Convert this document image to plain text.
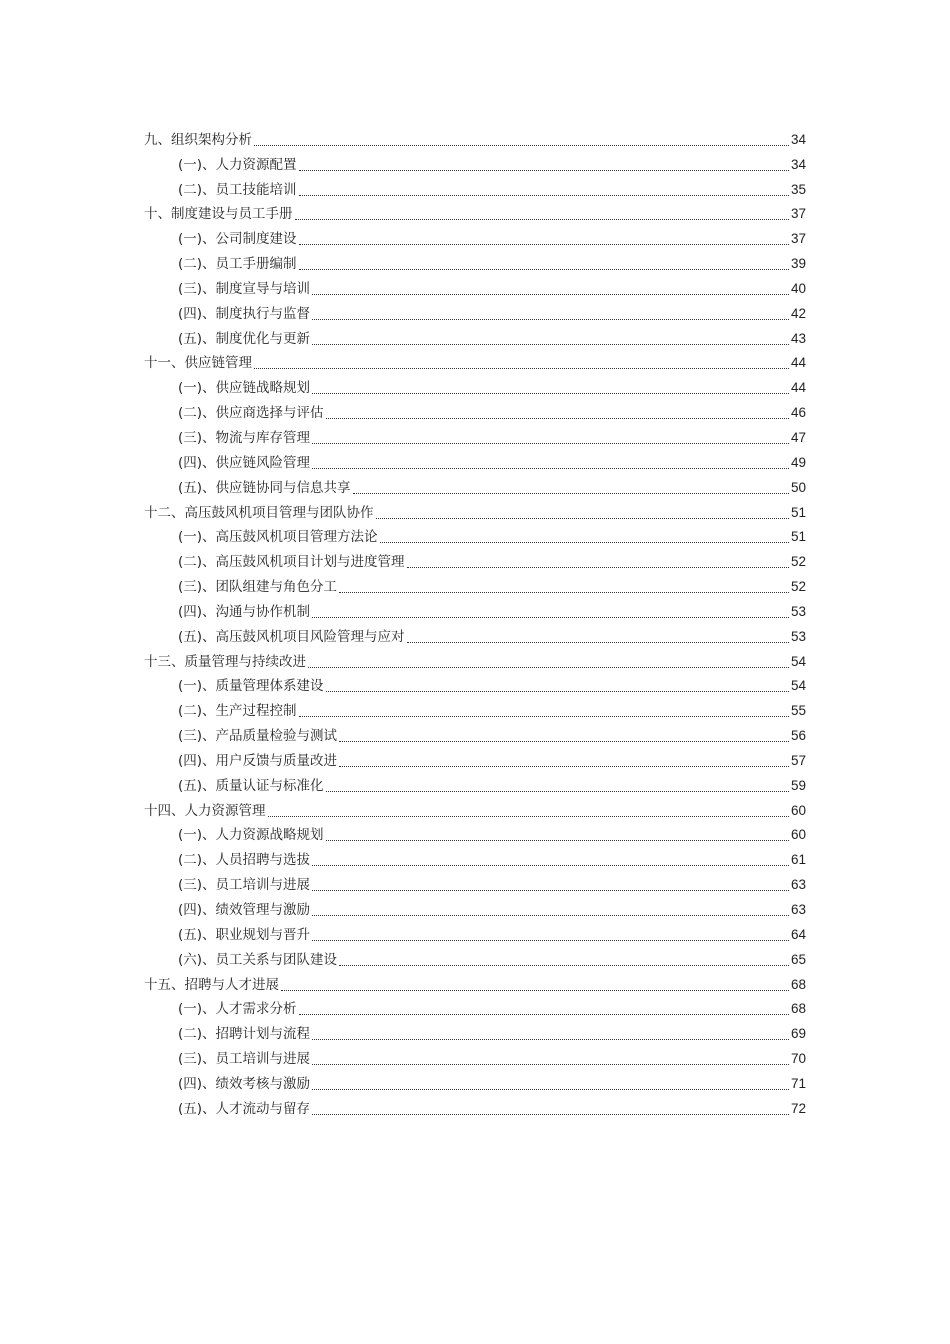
九、组织架构分析	34
(一)、人力资源配置	34
(二)、员工技能培训	35
十、制度建设与员工手册	37
(一)、公司制度建设	37
(二)、员工手册编制	39
(三)、制度宣导与培训	40
(四)、制度执行与监督	42
(五)、制度优化与更新	43
十一、供应链管理	44
(一)、供应链战略规划	44
(二)、供应商选择与评估	46
(三)、物流与库存管理	47
(四)、供应链风险管理	49
(五)、供应链协同与信息共享	50
十二、高压鼓风机项目管理与团队协作	51
(一)、高压鼓风机项目管理方法论	51
(二)、高压鼓风机项目计划与进度管理	52
(三)、团队组建与角色分工	52
(四)、沟通与协作机制	53
(五)、高压鼓风机项目风险管理与应对	53
十三、质量管理与持续改进	54
(一)、质量管理体系建设	54
(二)、生产过程控制	55
(三)、产品质量检验与测试	56
(四)、用户反馈与质量改进	57
(五)、质量认证与标准化	59
十四、人力资源管理	60
(一)、人力资源战略规划	60
(二)、人员招聘与选拔	61
(三)、员工培训与进展	63
(四)、绩效管理与激励	63
(五)、职业规划与晋升	64
(六)、员工关系与团队建设	65
十五、招聘与人才进展	68
(一)、人才需求分析	68
(二)、招聘计划与流程	69
(三)、员工培训与进展	70
(四)、绩效考核与激励	71
(五)、人才流动与留存	72
